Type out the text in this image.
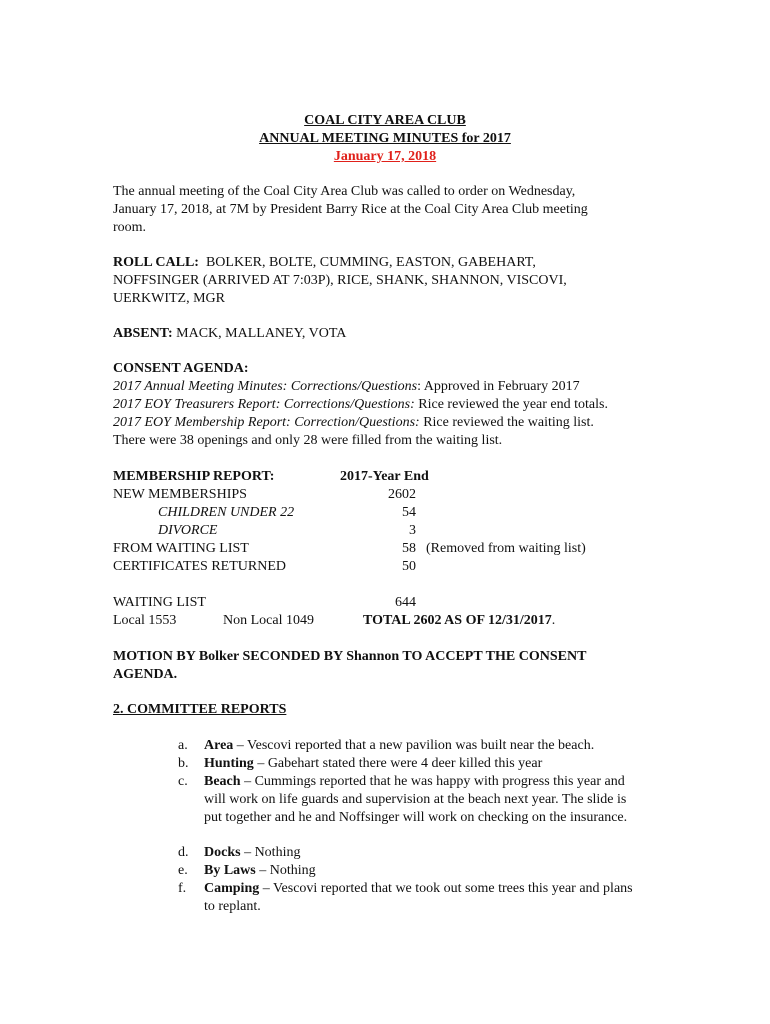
COAL CITY AREA CLUB
ANNUAL MEETING MINUTES for 2017
January 17, 2018
The annual meeting of the Coal City Area Club was called to order on Wednesday,
January 17, 2018, at 7M by President Barry Rice at the Coal City Area Club meeting
room.
ROLL CALL: BOLKER, BOLTE, CUMMING, EASTON, GABEHART,
NOFFSINGER (ARRIVED AT 7:03P), RICE, SHANK, SHANNON, VISCOVI,
UERKWITZ, MGR
ABSENT: MACK, MALLANEY, VOTA
CONSENT AGENDA:
2017 Annual Meeting Minutes: Corrections/Questions: Approved in February 2017
2017 EOY Treasurers Report: Corrections/Questions: Rice reviewed the year end totals.
2017 EOY Membership Report: Correction/Questions: Rice reviewed the waiting list.
There were 38 openings and only 28 were filled from the waiting list.
MEMBERSHIP REPORT:	2017-Year End
NEW MEMBERSHIPS	2602
CHILDREN UNDER 22	54
DIVORCE	3
FROM WAITING LIST	58 (Removed from waiting list)
CERTIFICATES RETURNED	50
WAITING LIST	644
Local 1553	Non Local 1049	TOTAL 2602 AS OF 12/31/2017.
MOTION BY Bolker SECONDED BY Shannon TO ACCEPT THE CONSENT
AGENDA.
2. COMMITTEE REPORTS
a.	Area – Vescovi reported that a new pavilion was built near the beach.
b.	Hunting – Gabehart stated there were 4 deer killed this year
c.	Beach – Cummings reported that he was happy with progress this year and will work on life guards and supervision at the beach next year. The slide is put together and he and Noffsinger will work on checking on the insurance.
d.	Docks – Nothing
e.	By Laws – Nothing
f.	Camping – Vescovi reported that we took out some trees this year and plans to replant.
